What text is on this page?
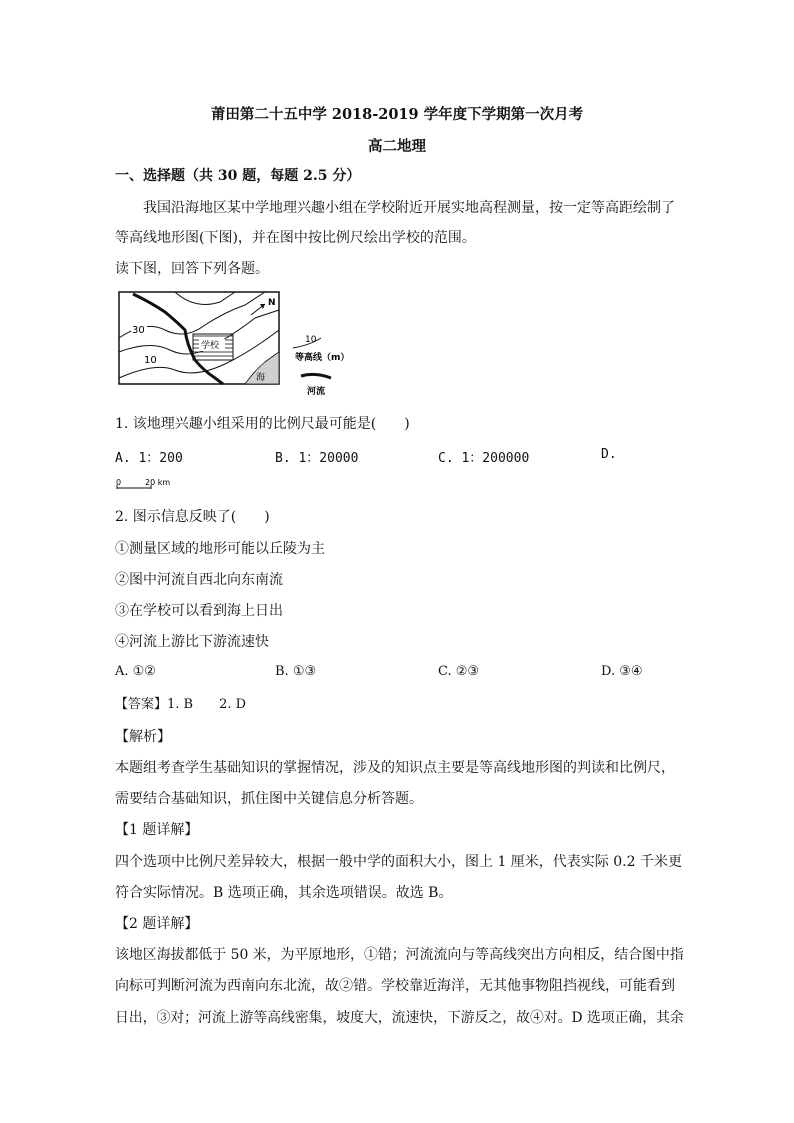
莆田第二十五中学 2018-2019 学年度下学期第一次月考
高二地理
一、选择题（共 30 题，每题 2.5 分）
我国沿海地区某中学地理兴趣小组在学校附近开展实地高程测量，按一定等高距绘制了
等高线地形图(下图)，并在图中按比例尺绘出学校的范围。
读下图，回答下列各题。
海
学校
30
10
N
10
等高线（m）
河流
1. 该地理兴趣小组采用的比例尺最可能是(　　)
A. 1：200	B. 1：20000	C. 1：200000	D.
0	20 km
2. 图示信息反映了(　　)
①测量区域的地形可能以丘陵为主
②图中河流自西北向东南流
③在学校可以看到海上日出
④河流上游比下游流速快
A. ①②	B. ①③	C. ②③	D. ③④
【答案】1. B　　2. D
【解析】
本题组考查学生基础知识的掌握情况，涉及的知识点主要是等高线地形图的判读和比例尺，
需要结合基础知识，抓住图中关键信息分析答题。
【1 题详解】
四个选项中比例尺差异较大，根据一般中学的面积大小，图上 1 厘米，代表实际 0.2 千米更
符合实际情况。B 选项正确，其余选项错误。故选 B。
【2 题详解】
该地区海拔都低于 50 米，为平原地形，①错；河流流向与等高线突出方向相反，结合图中指
向标可判断河流为西南向东北流，故②错。学校靠近海洋，无其他事物阻挡视线，可能看到
日出，③对；河流上游等高线密集，坡度大，流速快，下游反之，故④对。D 选项正确，其余
